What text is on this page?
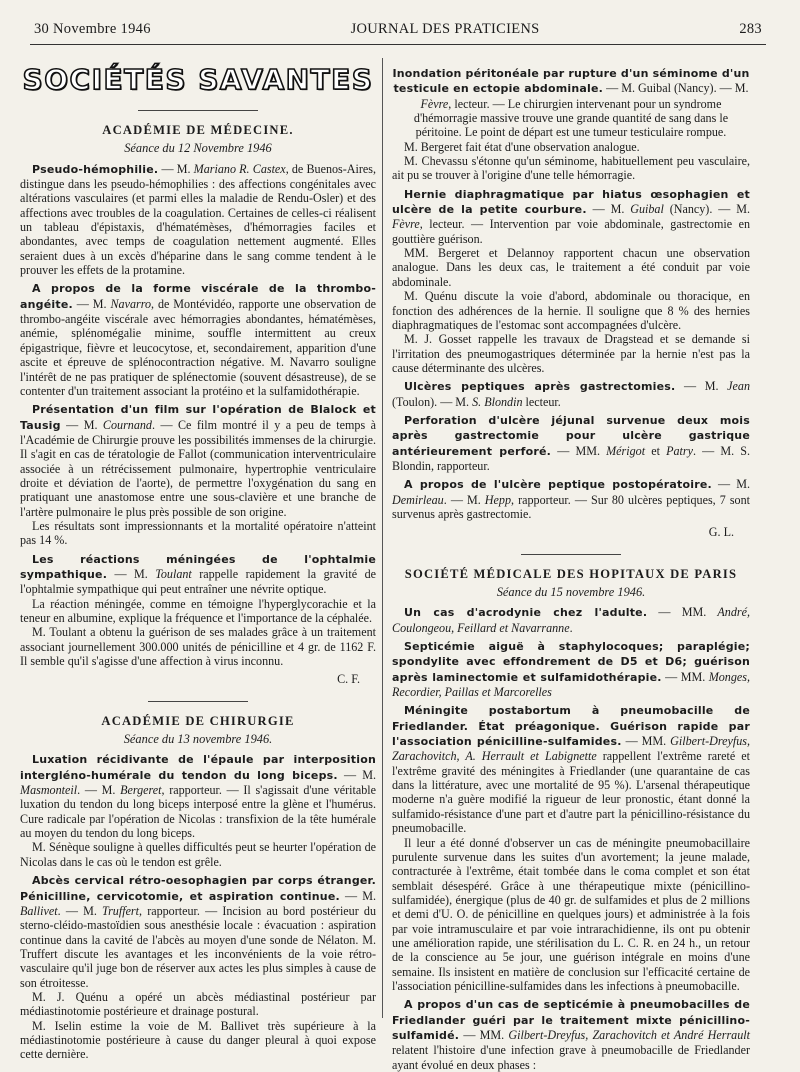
30 Novembre 1946	JOURNAL DES PRATICIENS	283
SOCIÉTÉS SAVANTES
ACADÉMIE DE MÉDECINE.
Séance du 12 Novembre 1946

Pseudo-hémophilie. — M. Mariano R. Castex, de Buenos-Aires, distingue dans les pseudo-hémophilies : des affections congénitales avec altérations vasculaires (et parmi elles la maladie de Rendu-Osler) et des affections avec troubles de la coagulation. Certaines de celles-ci réalisent un tableau d'épistaxis, d'hématémèses, d'hémorragies faciles et abondantes, avec temps de coagulation nettement augmenté. Elles seraient dues à un excès d'héparine dans le sang comme tendent à le prouver les effets de la protamine.

A propos de la forme viscérale de la thrombo-angéite. — M. Navarro, de Montévidéo, rapporte une observation de thrombo-angéite viscérale avec hémorragies abondantes, hématémèses, anémie, splénomégalie minime, souffle intermittent au creux épigastrique, fièvre et leucocytose, et, secondairement, apparition d'une ascite et épreuve de splénocontraction négative. M. Navarro souligne l'intérêt de ne pas pratiquer de splénectomie (souvent désastreuse), de se contenter d'un traitement associant la protéino et la sulfamidothérapie.

Présentation d'un film sur l'opération de Blalock et Tausig — M. Cournand. — Ce film montré il y a peu de temps à l'Académie de Chirurgie prouve les possibilités immenses de la chirurgie. Il s'agit en cas de tératologie de Fallot (communication interventriculaire associée à un rétrécissement pulmonaire, hypertrophie ventriculaire droite et déviation de l'aorte), de permettre l'oxygénation du sang en pratiquant une anastomose entre une sous-clavière et une branche de l'artère pulmonaire le plus près possible de son origine.

Les résultats sont impressionnants et la mortalité opératoire n'atteint pas 14 %.

Les réactions méningées de l'ophtalmie sympathique. — M. Toulant rappelle rapidement la gravité de l'ophtalmie sympathique qui peut entraîner une névrite optique.

La réaction méningée, comme en témoigne l'hyperglycorachie et la teneur en albumine, explique la fréquence et l'importance de la céphalée.

M. Toulant a obtenu la guérison de ses malades grâce à un traitement associant journellement 300.000 unités de pénicilline et 4 gr. de 1162 F. Il semble qu'il s'agisse d'une affection à virus inconnu.

C. F.

ACADÉMIE DE CHIRURGIE
Séance du 13 novembre 1946.

Luxation récidivante de l'épaule par interposition intergléno-humérale du tendon du long biceps. — M. Masmonteil. — M. Bergeret, rapporteur. — Il s'agissait d'une véritable luxation du tendon du long biceps interposé entre la glène et l'humérus. Cure radicale par l'opération de Nicolas : transfixion de la tête humérale au moyen du tendon du long biceps.

M. Sénèque souligne à quelles difficultés peut se heurter l'opération de Nicolas dans le cas où le tendon est grêle.

Abcès cervical rétro-oesophagien par corps étranger. Pénicilline, cervicotomie, et aspiration continue. — M. Ballivet. — M. Truffert, rapporteur. — Incision au bord postérieur du sterno-cléido-mastoïdien sous anesthésie locale : évacuation : aspiration continue dans la cavité de l'abcès au moyen d'une sonde de Nélaton. M. Truffert discute les avantages et les inconvénients de la voie rétro-vasculaire qu'il juge bon de réserver aux actes les plus simples à cause de son étroitesse.

M. J. Quénu a opéré un abcès médiastinal postérieur par médiastinotomie postérieure et drainage postural.

M. Iselin estime la voie de M. Ballivet très supérieure à la médiastinotomie postérieure à cause du danger pleural à quoi expose cette dernière.

Inondation péritonéale par rupture d'un séminome d'un testicule en ectopie abdominale. — M. Guibal (Nancy). — M. Fèvre, lecteur. — Le chirurgien intervenant pour un syndrome d'hémorragie massive trouve une grande quantité de sang dans le péritoine. Le point de départ est une tumeur testiculaire rompue.

M. Bergeret fait état d'une observation analogue.

M. Chevassu s'étonne qu'un séminome, habituellement peu vasculaire, ait pu se trouver à l'origine d'une telle hémorragie.

Hernie diaphragmatique par hiatus œsophagien et ulcère de la petite courbure. — M. Guibal (Nancy). — M. Fèvre, lecteur. — Intervention par voie abdominale, gastrectomie en gouttière guérison.

MM. Bergeret et Delannoy rapportent chacun une observation analogue. Dans les deux cas, le traitement a été conduit par voie abdominale.

M. Quénu discute la voie d'abord, abdominale ou thoracique, en fonction des adhérences de la hernie. Il souligne que 8 % des hernies diaphragmatiques de l'estomac sont accompagnées d'ulcère.

M. J. Gosset rappelle les travaux de Dragstead et se demande si l'irritation des pneumogastriques déterminée par la hernie n'est pas la cause déterminante des ulcères.

Ulcères peptiques après gastrectomies. — M. Jean (Toulon). — M. S. Blondin lecteur.

Perforation d'ulcère jéjunal survenue deux mois après gastrectomie pour ulcère gastrique antérieurement perforé. — MM. Mérigot et Patry. — M. S. Blondin, rapporteur.

A propos de l'ulcère peptique postopératoire. — M. Demirleau. — M. Hepp, rapporteur. — Sur 80 ulcères peptiques, 7 sont survenus après gastrectomie.

G. L.

SOCIÉTÉ MÉDICALE DES HOPITAUX DE PARIS
Séance du 15 novembre 1946.

Un cas d'acrodynie chez l'adulte. — MM. André, Coulongeou, Feillard et Navarranne.

Septicémie aiguë à staphylocoques; paraplégie; spondylite avec effondrement de D5 et D6; guérison après laminectomie et sulfamidothérapie. — MM. Monges, Recordier, Paillas et Marcorelles

Méningite postabortum à pneumobacille de Friedlander. État préagonique. Guérison rapide par l'association pénicilline-sulfamides. — MM. Gilbert-Dreyfus, Zarachovitch, A. Herrault et Labignette rappellent l'extrême rareté et l'extrême gravité des méningites à Friedlander (une quarantaine de cas dans la littérature, avec une mortalité de 95 %). L'arsenal thérapeutique moderne n'a guère modifié la rigueur de leur pronostic, étant donné la sulfamido-résistance d'une part et d'autre part la pénicillino-résistance du pneumobacille.

Il leur a été donné d'observer un cas de méningite pneumobacillaire purulente survenue dans les suites d'un avortement; la jeune malade, contracturée à l'extrême, était tombée dans le coma complet et son état semblait désespéré. Grâce à une thérapeutique mixte (pénicillino-sulfamidée), énergique (plus de 40 gr. de sulfamides et plus de 2 millions et demi d'U. O. de pénicilline en quelques jours) et administrée à la fois par voie intramusculaire et par voie intrarachidienne, ils ont pu obtenir une amélioration rapide, une stérilisation du L. C. R. en 24 h., un retour de la conscience au 5e jour, une guérison intégrale en moins d'une semaine. Ils insistent en matière de conclusion sur l'efficacité certaine de l'association pénicilline-sulfamides dans les infections à pneumobacille.

A propos d'un cas de septicémie à pneumobacilles de Friedlander guéri par le traitement mixte pénicillino-sulfamidé. — MM. Gilbert-Dreyfus, Zarachovitch et André Herrault relatent l'histoire d'une infection grave à pneumobacille de Friedlander ayant évolué en deux phases :
